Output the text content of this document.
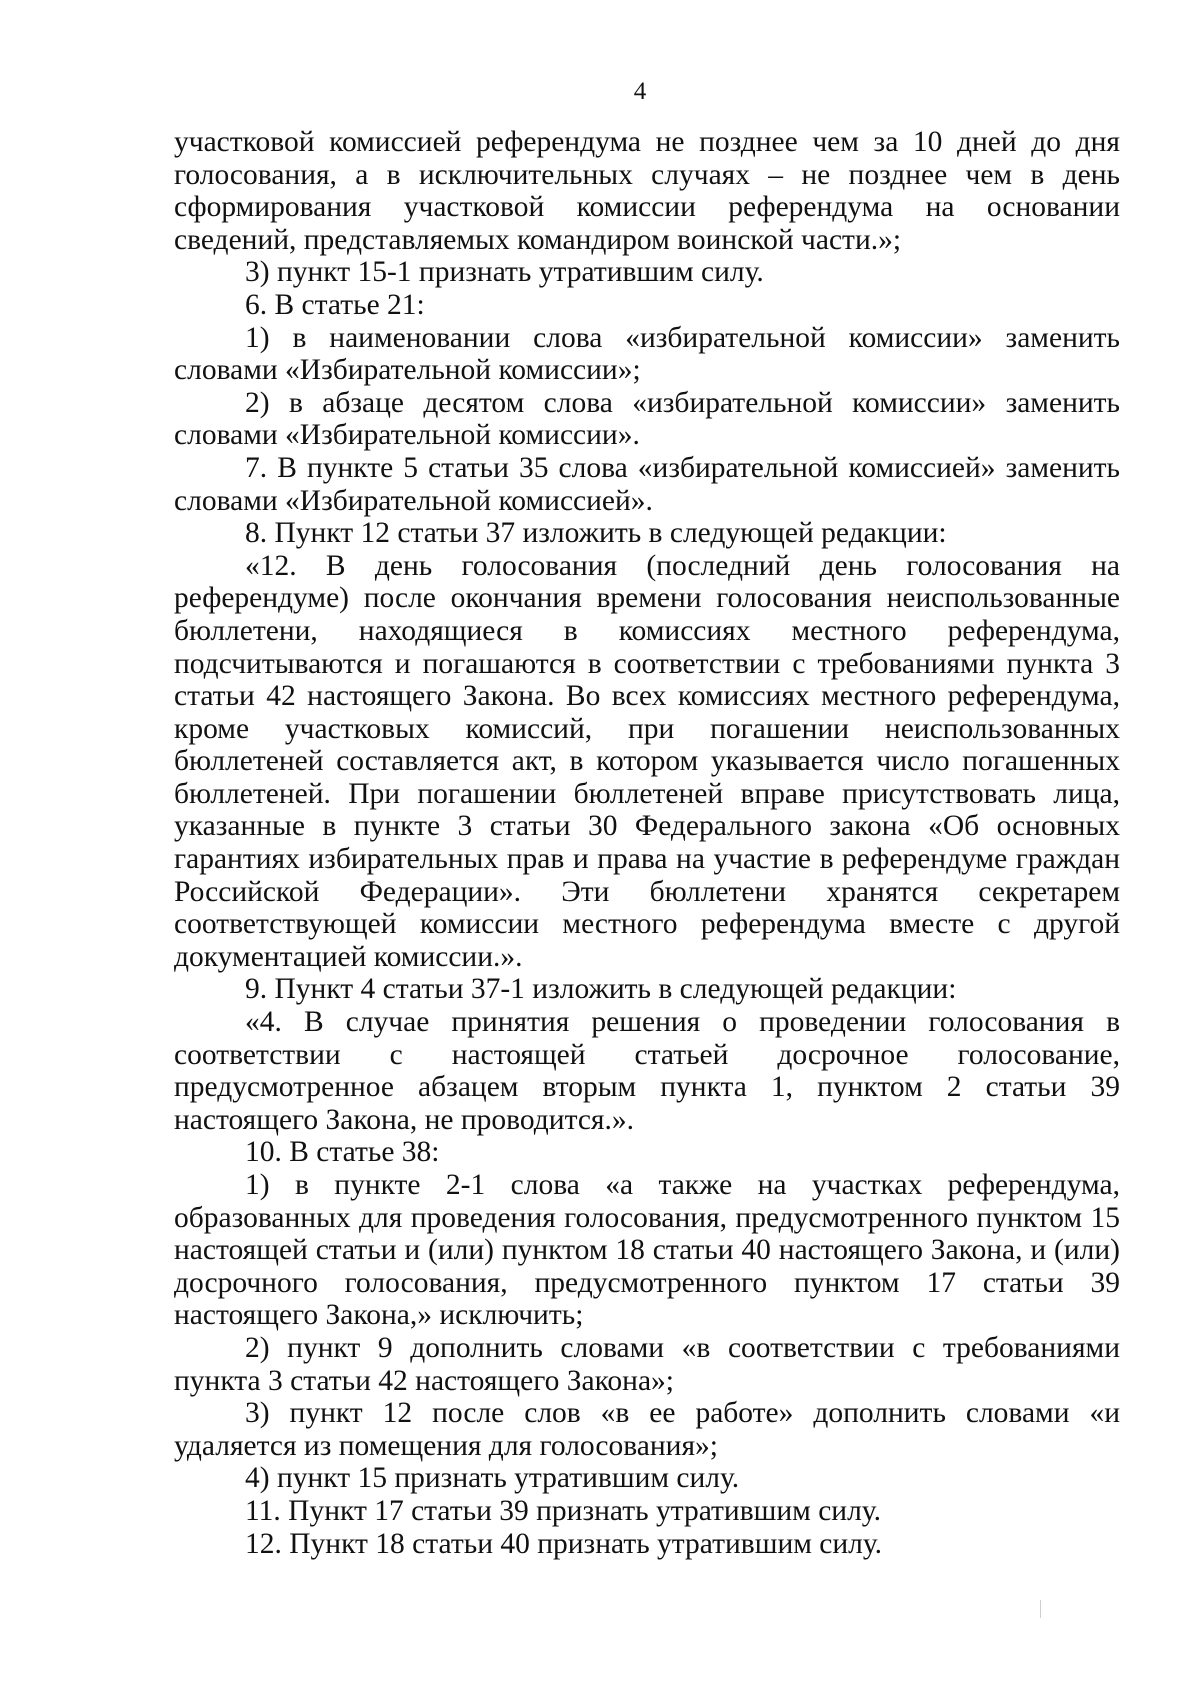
4

участковой комиссией референдума не позднее чем за 10 дней до дня голосования, а в исключительных случаях – не позднее чем в день сформирования участковой комиссии референдума на основании сведений, представляемых командиром воинской части.»;

3) пункт 15-1 признать утратившим силу.

6. В статье 21:

1) в наименовании слова «избирательной комиссии» заменить словами «Избирательной комиссии»;

2) в абзаце десятом слова «избирательной комиссии» заменить словами «Избирательной комиссии».

7. В пункте 5 статьи 35 слова «избирательной комиссией» заменить словами «Избирательной комиссией».

8. Пункт 12 статьи 37 изложить в следующей редакции:

«12. В день голосования (последний день голосования на референдуме) после окончания времени голосования неиспользованные бюллетени, находящиеся в комиссиях местного референдума, подсчитываются и погашаются в соответствии с требованиями пункта 3 статьи 42 настоящего Закона. Во всех комиссиях местного референдума, кроме участковых комиссий, при погашении неиспользованных бюллетеней составляется акт, в котором указывается число погашенных бюллетеней. При погашении бюллетеней вправе присутствовать лица, указанные в пункте 3 статьи 30 Федерального закона «Об основных гарантиях избирательных прав и права на участие в референдуме граждан Российской Федерации». Эти бюллетени хранятся секретарем соответствующей комиссии местного референдума вместе с другой документацией комиссии.».

9. Пункт 4 статьи 37-1 изложить в следующей редакции:

«4. В случае принятия решения о проведении голосования в соответствии с настоящей статьей досрочное голосование, предусмотренное абзацем вторым пункта 1, пунктом 2 статьи 39 настоящего Закона, не проводится.».

10. В статье 38:

1) в пункте 2-1 слова «а также на участках референдума, образованных для проведения голосования, предусмотренного пунктом 15 настоящей статьи и (или) пунктом 18 статьи 40 настоящего Закона, и (или) досрочного голосования, предусмотренного пунктом 17 статьи 39 настоящего Закона,» исключить;

2) пункт 9 дополнить словами «в соответствии с требованиями пункта 3 статьи 42 настоящего Закона»;

3) пункт 12 после слов «в ее работе» дополнить словами «и удаляется из помещения для голосования»;

4) пункт 15 признать утратившим силу.

11. Пункт 17 статьи 39 признать утратившим силу.

12. Пункт 18 статьи 40 признать утратившим силу.
